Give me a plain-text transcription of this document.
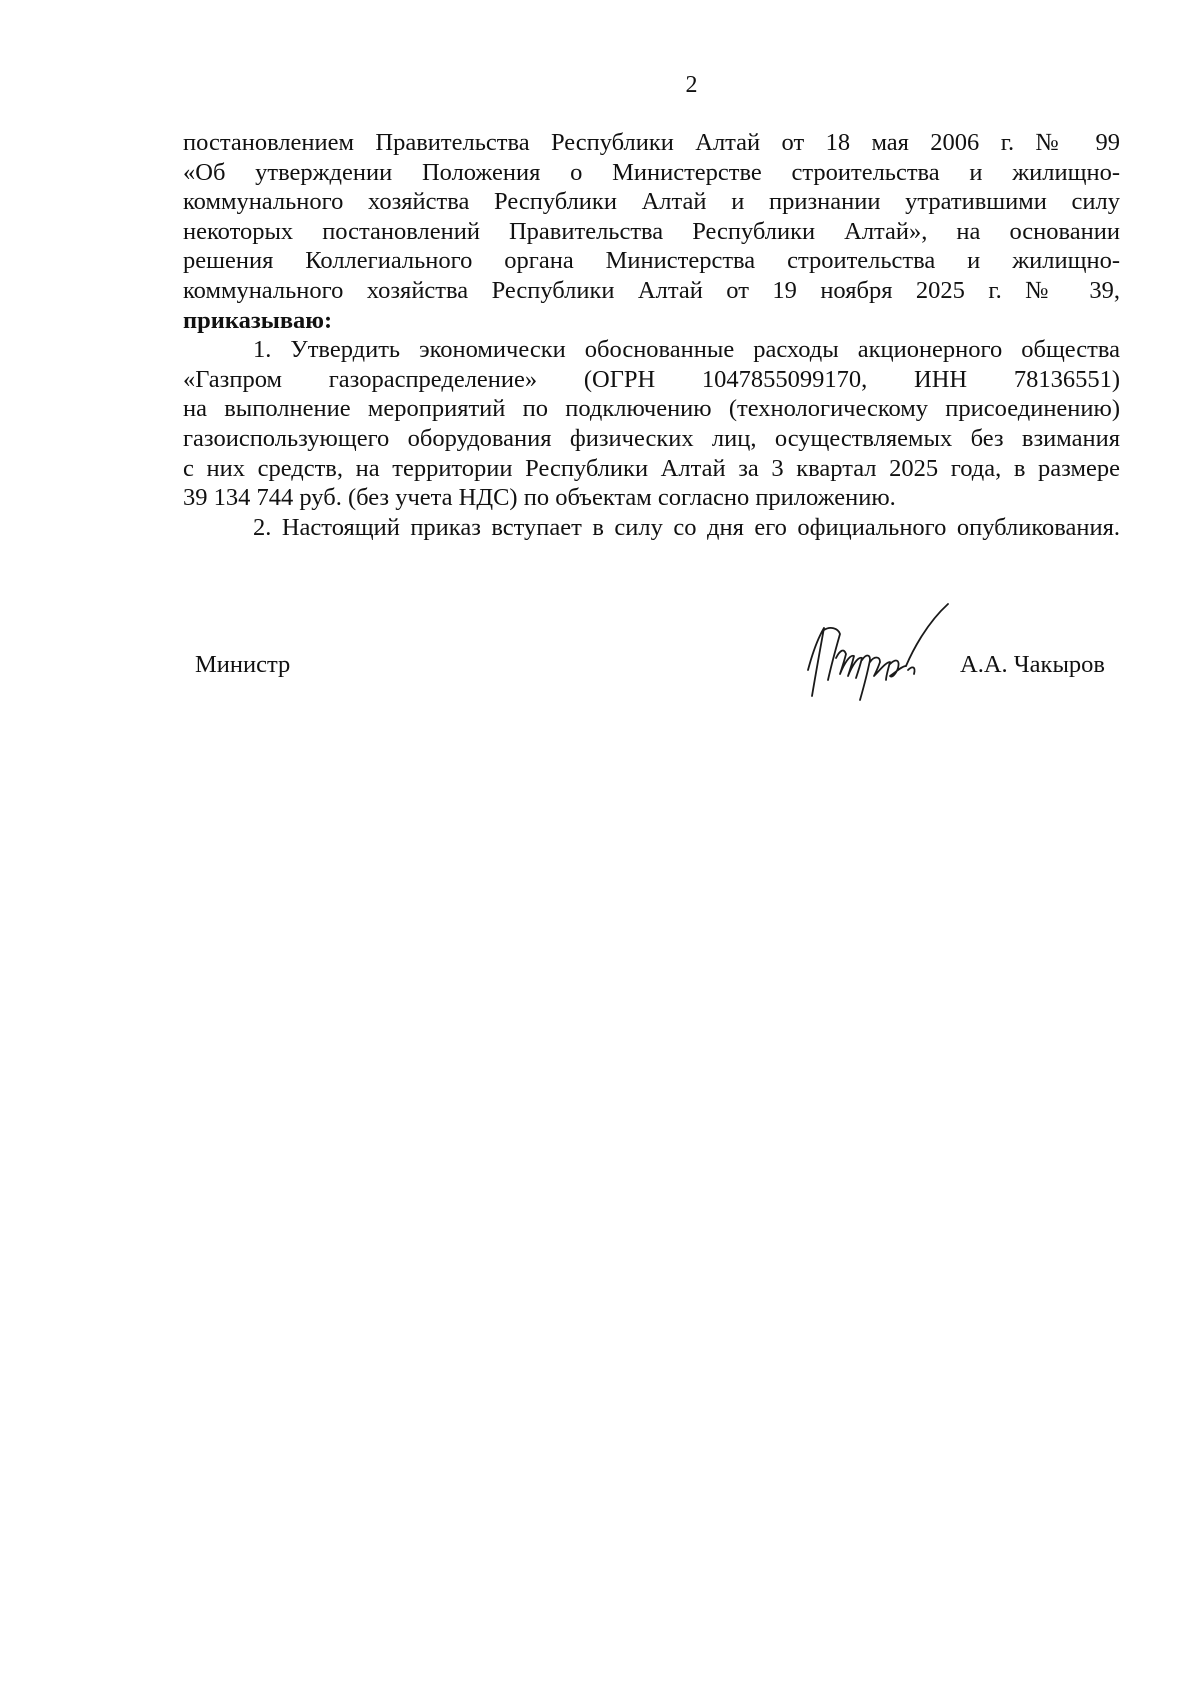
2
постановлением Правительства Республики Алтай от 18 мая 2006 г. № 99
«Об утверждении Положения о Министерстве строительства и жилищно-
коммунального хозяйства Республики Алтай и признании утратившими силу
некоторых постановлений Правительства Республики Алтай», на основании
решения Коллегиального органа Министерства строительства и жилищно-
коммунального хозяйства Республики Алтай от 19 ноября 2025 г. № 39,
приказываю:
1. Утвердить экономически обоснованные расходы акционерного общества
«Газпром газораспределение» (ОГРН 1047855099170, ИНН 78136551)
на выполнение мероприятий по подключению (технологическому присоединению)
газоиспользующего оборудования физических лиц, осуществляемых без взимания
с них средств, на территории Республики Алтай за 3 квартал 2025 года, в размере
39 134 744 руб. (без учета НДС) по объектам согласно приложению.
2. Настоящий приказ вступает в силу со дня его официального опубликования.
Министр	А.А. Чакыров
